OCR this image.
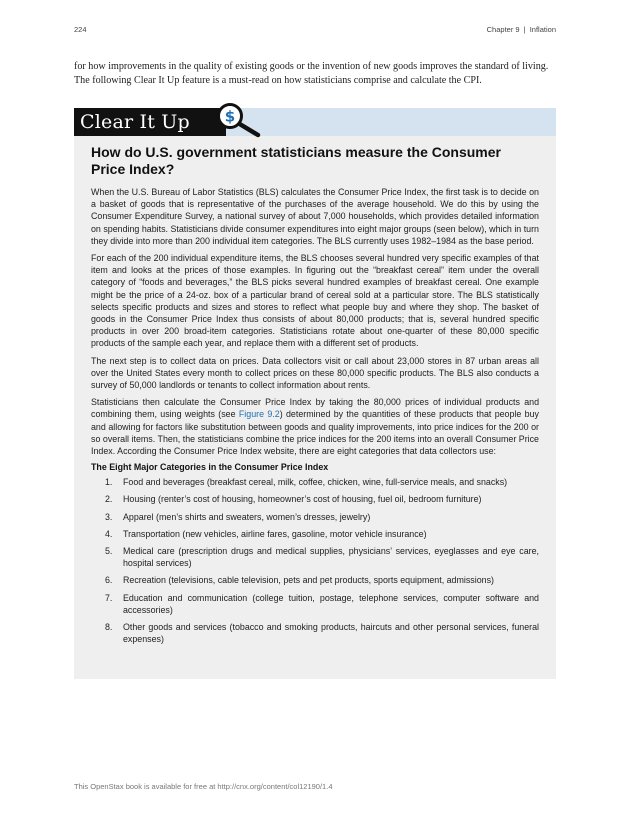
224	Chapter 9 | Inflation

for how improvements in the quality of existing goods or the invention of new goods improves the standard of living. The following Clear It Up feature is a must-read on how statisticians comprise and calculate the CPI.

Clear It Up	$
How do U.S. government statisticians measure the Consumer Price Index?

When the U.S. Bureau of Labor Statistics (BLS) calculates the Consumer Price Index, the first task is to decide on a basket of goods that is representative of the purchases of the average household. We do this by using the Consumer Expenditure Survey, a national survey of about 7,000 households, which provides detailed information on spending habits. Statisticians divide consumer expenditures into eight major groups (seen below), which in turn they divide into more than 200 individual item categories. The BLS currently uses 1982–1984 as the base period.

For each of the 200 individual expenditure items, the BLS chooses several hundred very specific examples of that item and looks at the prices of those examples. In figuring out the “breakfast cereal” item under the overall category of “foods and beverages,” the BLS picks several hundred examples of breakfast cereal. One example might be the price of a 24-oz. box of a particular brand of cereal sold at a particular store. The BLS statistically selects specific products and sizes and stores to reflect what people buy and where they shop. The basket of goods in the Consumer Price Index thus consists of about 80,000 products; that is, several hundred specific products in over 200 broad-item categories. Statisticians rotate about one-quarter of these 80,000 specific products of the sample each year, and replace them with a different set of products.

The next step is to collect data on prices. Data collectors visit or call about 23,000 stores in 87 urban areas all over the United States every month to collect prices on these 80,000 specific products. The BLS also conducts a survey of 50,000 landlords or tenants to collect information about rents.

Statisticians then calculate the Consumer Price Index by taking the 80,000 prices of individual products and combining them, using weights (see Figure 9.2) determined by the quantities of these products that people buy and allowing for factors like substitution between goods and quality improvements, into price indices for the 200 or so overall items. Then, the statisticians combine the price indices for the 200 items into an overall Consumer Price Index. According the Consumer Price Index website, there are eight categories that data collectors use:

The Eight Major Categories in the Consumer Price Index

1. Food and beverages (breakfast cereal, milk, coffee, chicken, wine, full-service meals, and snacks)
2. Housing (renter’s cost of housing, homeowner’s cost of housing, fuel oil, bedroom furniture)
3. Apparel (men’s shirts and sweaters, women’s dresses, jewelry)
4. Transportation (new vehicles, airline fares, gasoline, motor vehicle insurance)
5. Medical care (prescription drugs and medical supplies, physicians’ services, eyeglasses and eye care, hospital services)
6. Recreation (televisions, cable television, pets and pet products, sports equipment, admissions)
7. Education and communication (college tuition, postage, telephone services, computer software and accessories)
8. Other goods and services (tobacco and smoking products, haircuts and other personal services, funeral expenses)
This OpenStax book is available for free at http://cnx.org/content/col12190/1.4
